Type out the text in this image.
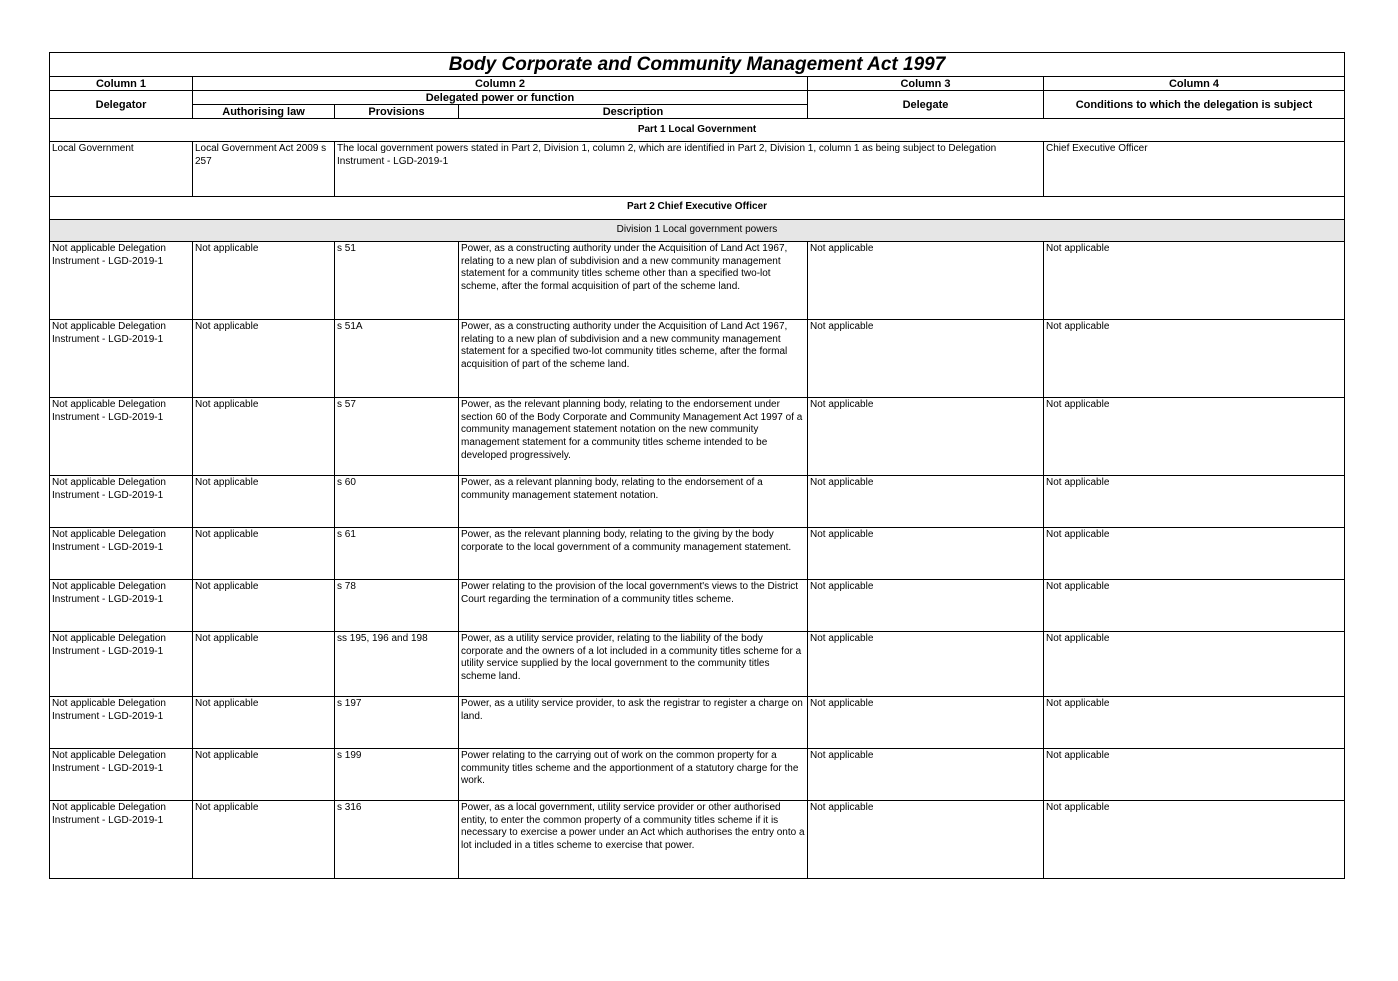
Body Corporate and Community Management Act 1997						
Column 1	Column 2			Column 3	Column 4	
Delegator	Delegated power or function			Delegate	Conditions to which the delegation is subject	
	Authorising law	Provisions	Description			
Part 1 Local Government						
Local Government	Local Government Act 2009 s 257	The local government powers stated in Part 2, Division 1, column 2, which are identified in Part 2, Division 1, column 1 as being subject to Delegation Instrument - LGD-2019-1			Chief Executive Officer	
Part 2 Chief Executive Officer						
Division 1 Local government powers						
Not applicable Delegation Instrument - LGD-2019-1	Not applicable	s 51	Power, as a constructing authority under the Acquisition of Land Act 1967, relating to a new plan of subdivision and a new community management statement for a community titles scheme other than a specified two-lot scheme, after the formal acquisition of part of the scheme land.	Not applicable	Not applicable	
Not applicable Delegation Instrument - LGD-2019-1	Not applicable	s 51A	Power, as a constructing authority under the Acquisition of Land Act 1967, relating to a new plan of subdivision and a new community management statement for a specified two-lot community titles scheme, after the formal acquisition of part of the scheme land.	Not applicable	Not applicable	
Not applicable Delegation Instrument - LGD-2019-1	Not applicable	s 57	Power, as the relevant planning body, relating to the endorsement under section 60 of the Body Corporate and Community Management Act 1997 of a community management statement notation on the new community management statement for a community titles scheme intended to be developed progressively.	Not applicable	Not applicable	
Not applicable Delegation Instrument - LGD-2019-1	Not applicable	s 60	Power, as a relevant planning body, relating to the endorsement of a community management statement notation.	Not applicable	Not applicable	
Not applicable Delegation Instrument - LGD-2019-1	Not applicable	s 61	Power, as the relevant planning body, relating to the giving by the body corporate to the local government of a community management statement.	Not applicable	Not applicable	
Not applicable Delegation Instrument - LGD-2019-1	Not applicable	s 78	Power relating to the provision of the local government's views to the District Court regarding the termination of a community titles scheme.	Not applicable	Not applicable	
Not applicable Delegation Instrument - LGD-2019-1	Not applicable	ss 195, 196 and 198	Power, as a utility service provider, relating to the liability of the body corporate and the owners of a lot included in a community titles scheme for a utility service supplied by the local government to the community titles scheme land.	Not applicable	Not applicable	
Not applicable Delegation Instrument - LGD-2019-1	Not applicable	s 197	Power, as a utility service provider, to ask the registrar to register a charge on land.	Not applicable	Not applicable	
Not applicable Delegation Instrument - LGD-2019-1	Not applicable	s 199	Power relating to the carrying out of work on the common property for a community titles scheme and the apportionment of a statutory charge for the work.	Not applicable	Not applicable	
Not applicable Delegation Instrument - LGD-2019-1	Not applicable	s 316	Power, as a local government, utility service provider or other authorised entity, to enter the common property of a community titles scheme if it is necessary to exercise a power under an Act which authorises the entry onto a lot included in a titles scheme to exercise that power.	Not applicable	Not applicable	
